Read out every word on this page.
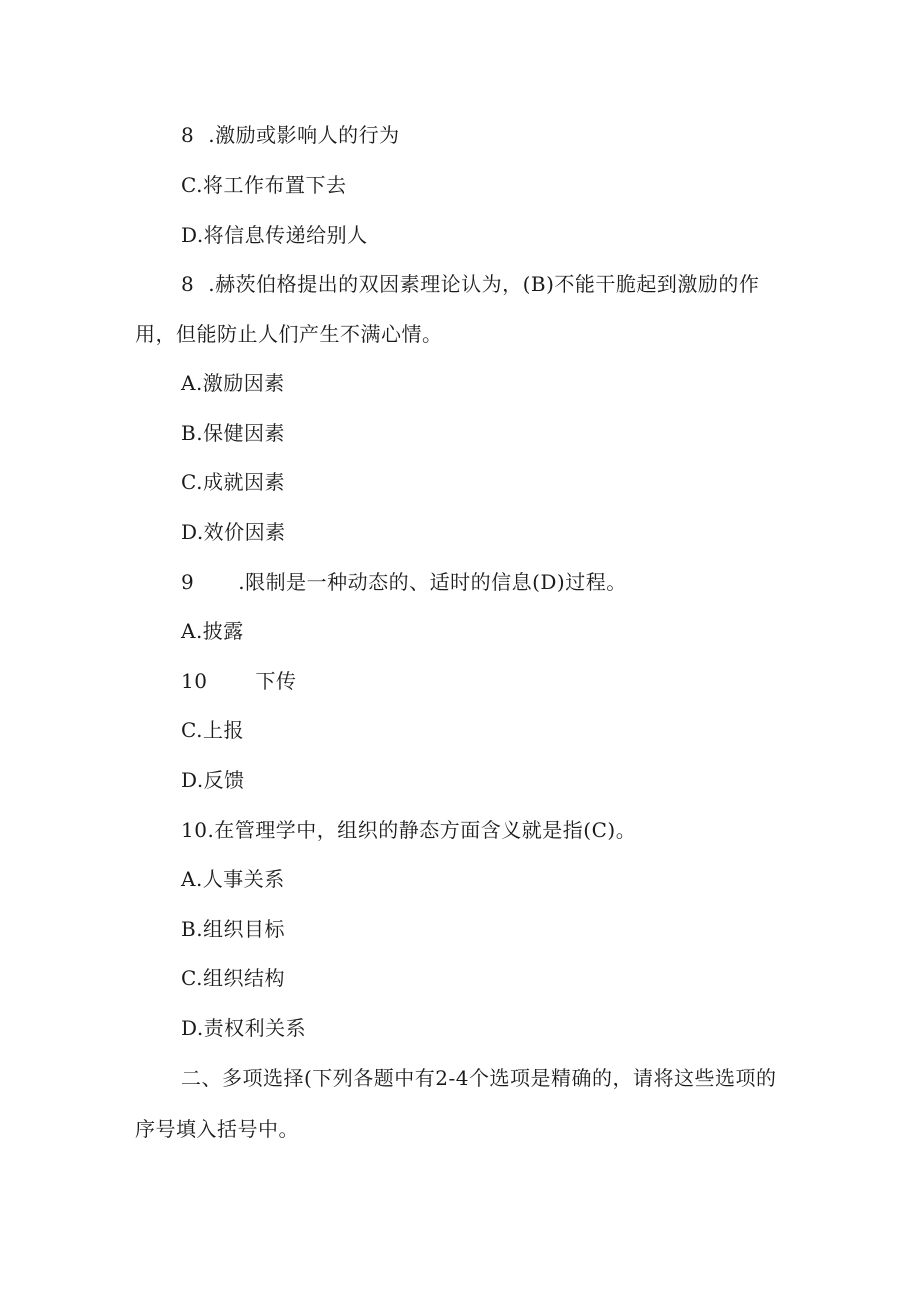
8 .激励或影响人的行为
C.将工作布置下去
D.将信息传递给别人
8 .赫茨伯格提出的双因素理论认为，(B)不能干脆起到激励的作
用，但能防止人们产生不满心情。
A.激励因素
B.保健因素
C.成就因素
D.效价因素
9 .限制是一种动态的、适时的信息(D)过程。
A.披露
10 下传
C.上报
D.反馈
10.在管理学中，组织的静态方面含义就是指(C)。
A.人事关系
B.组织目标
C.组织结构
D.责权利关系
二、多项选择(下列各题中有2-4个选项是精确的，请将这些选项的
序号填入括号中。
